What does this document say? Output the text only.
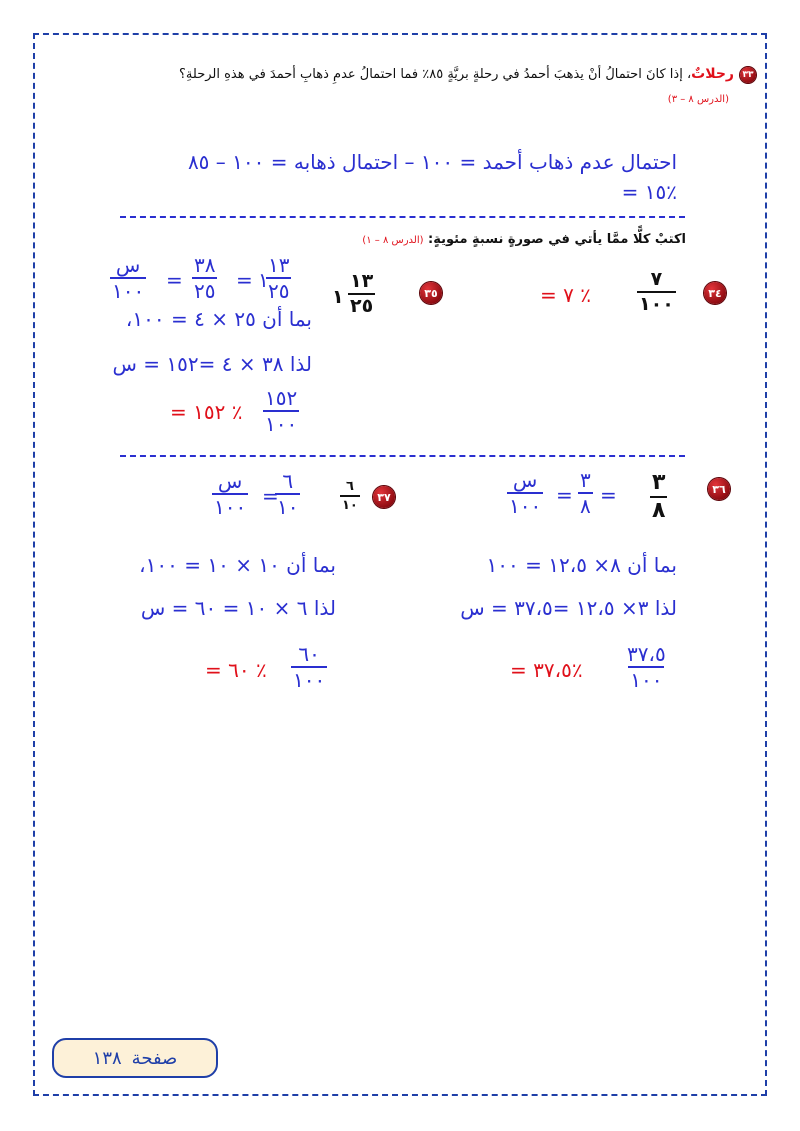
٣٣
رحلاتٌ، إذا كانَ احتمالُ أنْ يذهبَ أحمدُ في رحلةٍ بريَّةٍ ٨٥٪ فما احتمالُ عدمِ ذهابِ أحمدَ في هذهِ الرحلةِ؟
(الدرس ٨ – ٣)
احتمال عدم ذهاب أحمد = ١٠٠ – احتمال ذهابه = ١٠٠ – ٨٥
= ١٥٪
اكتبْ كلًّا ممَّا يأتي في صورةٍ نسبةٍ مئويةٍ: (الدرس ٨ – ١)
٣٤
٧
١٠٠
= ٧ ٪
٣٥
١
١٣
٢٥
س
١٠٠ =
٣٨
٢٥ = ١
١٣
٢٥
بما أن ٢٥ × ٤ = ١٠٠،
لذا ٣٨ × ٤ =١٥٢ = س
١٥٢
١٠٠
= ١٥٢ ٪
٣٦
٣
٨
=
٣
٨
=
س
١٠٠
بما أن ٨× ١٢،٥ = ١٠٠
لذا ٣× ١٢،٥ =٣٧،٥ = س
٣٧،٥
١٠٠
= ٣٧،٥٪
٣٧
٦
١٠
٦
١٠
=
س
١٠٠
بما أن ١٠ × ١٠ = ١٠٠،
لذا ٦ × ١٠ = ٦٠ = س
٦٠
١٠٠
= ٦٠ ٪
صفحة
١٣٨
